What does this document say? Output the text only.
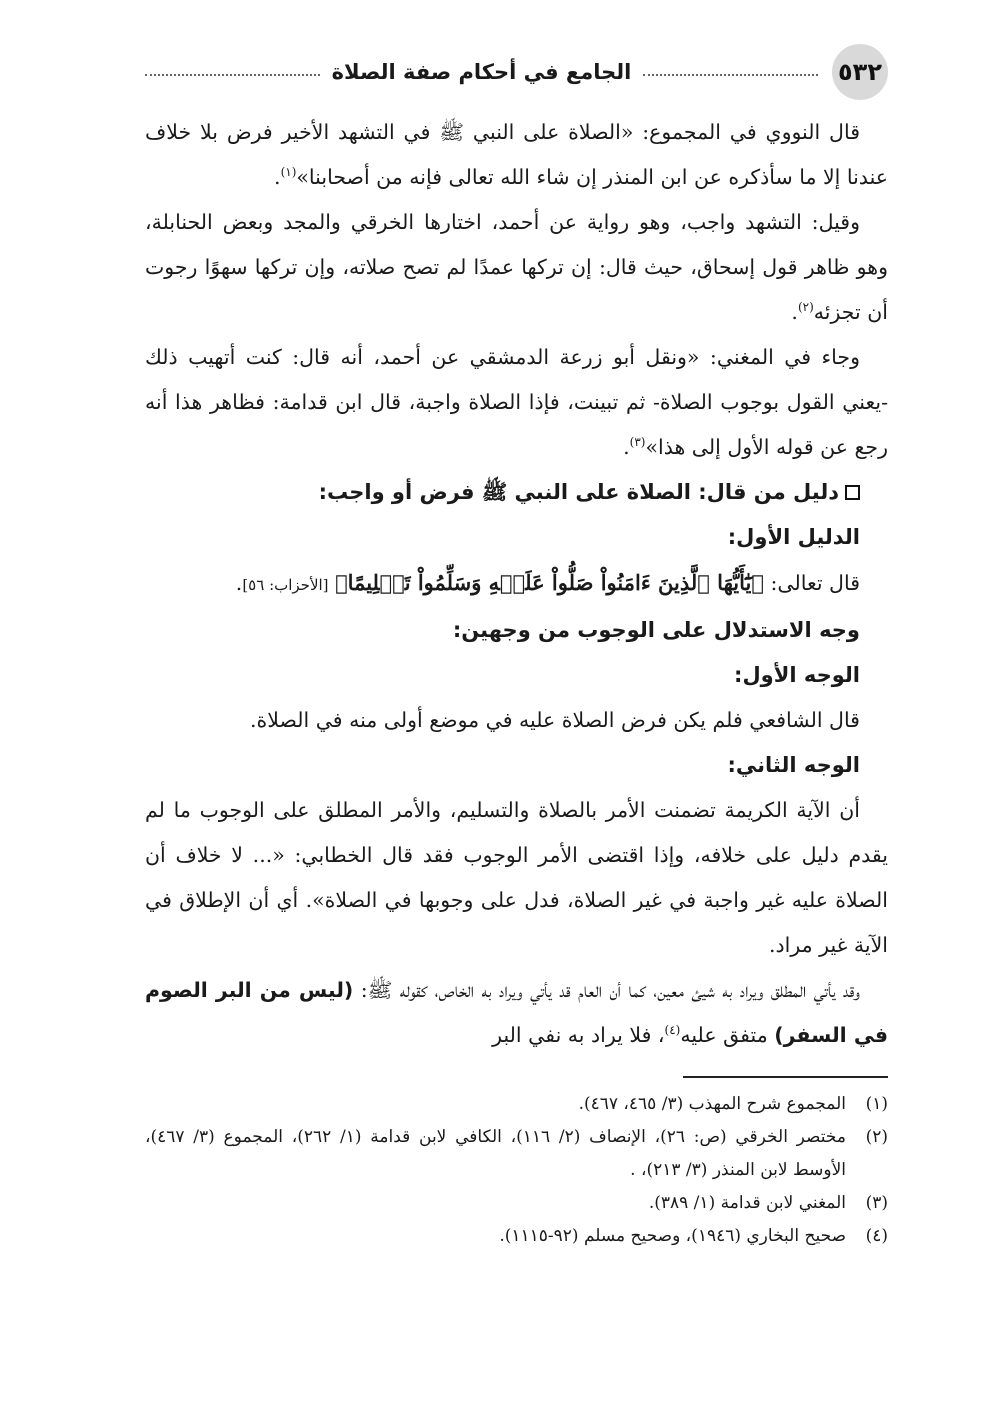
٥٣٢
الجامع في أحكام صفة الصلاة

قال النووي في المجموع: «الصلاة على النبي ﷺ في التشهد الأخير فرض بلا خلاف عندنا إلا ما سأذكره عن ابن المنذر إن شاء الله تعالى فإنه من أصحابنا»$^{(١)}$.

وقيل: التشهد واجب، وهو رواية عن أحمد، اختارها الخرقي والمجد وبعض الحنابلة، وهو ظاهر قول إسحاق، حيث قال: إن تركها عمدًا لم تصح صلاته، وإن تركها سهوًا رجوت أن تجزئه$^{(٢)}$.

وجاء في المغني: «ونقل أبو زرعة الدمشقي عن أحمد، أنه قال: كنت أتهيب ذلك -يعني القول بوجوب الصلاة- ثم تبينت، فإذا الصلاة واجبة، قال ابن قدامة: فظاهر هذا أنه رجع عن قوله الأول إلى هذا»$^{(٣)}$.

دليل من قال: الصلاة على النبي ﷺ فرض أو واجب:

الدليل الأول:

قال تعالى: ﴿يَٰٓأَيُّهَا ٱلَّذِينَ ءَامَنُواْ صَلُّواْ عَلَيۡهِ وَسَلِّمُواْ تَسۡلِيمًا﴾ [الأحزاب: ٥٦].

وجه الاستدلال على الوجوب من وجهين:

الوجه الأول:

قال الشافعي فلم يكن فرض الصلاة عليه في موضع أولى منه في الصلاة.

الوجه الثاني:

أن الآية الكريمة تضمنت الأمر بالصلاة والتسليم، والأمر المطلق على الوجوب ما لم يقدم دليل على خلافه، وإذا اقتضى الأمر الوجوب فقد قال الخطابي: «... لا خلاف أن الصلاة عليه غير واجبة في غير الصلاة، فدل على وجوبها في الصلاة». أي أن الإطلاق في الآية غير مراد.

وقد يأتي المطلق ويراد به شيئ معين، كما أن العام قد يأتي ويراد به الخاص، كقوله ﷺ: (ليس من البر الصوم في السفر) متفق عليه$^{(٤)}$، فلا يراد به نفي البر

(١)
المجموع شرح المهذب (٣/ ٤٦٥، ٤٦٧).
(٢)
مختصر الخرقي (ص: ٢٦)، الإنصاف (٢/ ١١٦)، الكافي لابن قدامة (١/ ٢٦٢)، المجموع (٣/ ٤٦٧)، الأوسط لابن المنذر (٣/ ٢١٣)، .
(٣)
المغني لابن قدامة (١/ ٣٨٩).
(٤)
صحيح البخاري (١٩٤٦)، وصحيح مسلم (٩٢-١١١٥).
